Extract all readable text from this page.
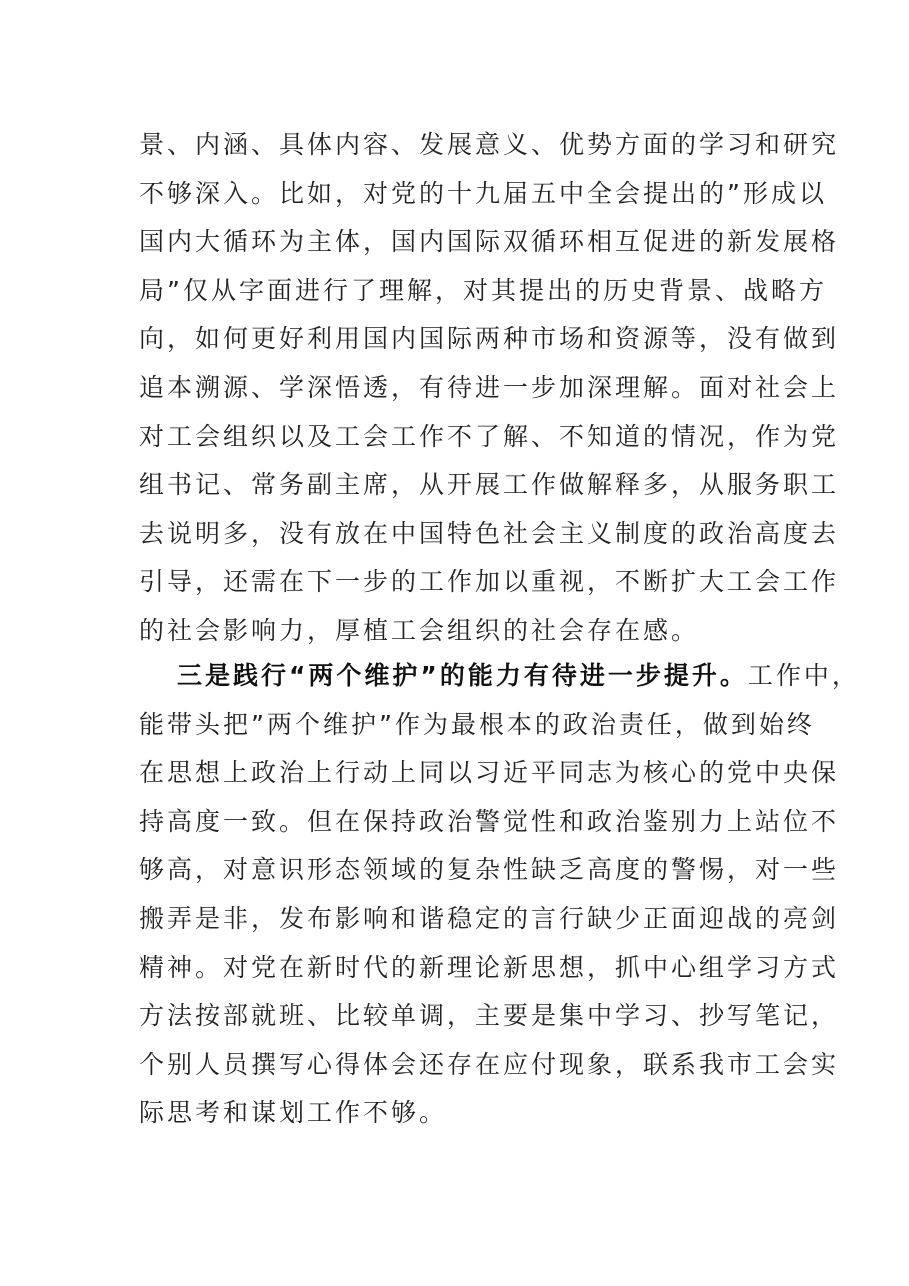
景、内涵、具体内容、发展意义、优势方面的学习和研究
不够深入。比如，对党的十九届五中全会提出的”形成以
国内大循环为主体，国内国际双循环相互促进的新发展格
局”仅从字面进行了理解，对其提出的历史背景、战略方
向，如何更好利用国内国际两种市场和资源等，没有做到
追本溯源、学深悟透，有待进一步加深理解。面对社会上
对工会组织以及工会工作不了解、不知道的情况，作为党
组书记、常务副主席，从开展工作做解释多，从服务职工
去说明多，没有放在中国特色社会主义制度的政治高度去
引导，还需在下一步的工作加以重视，不断扩大工会工作
的社会影响力，厚植工会组织的社会存在感。
三是践行“两个维护”的能力有待进一步提升。工作中，
能带头把”两个维护”作为最根本的政治责任，做到始终
在思想上政治上行动上同以习近平同志为核心的党中央保
持高度一致。但在保持政治警觉性和政治鉴别力上站位不
够高，对意识形态领域的复杂性缺乏高度的警惕，对一些
搬弄是非，发布影响和谐稳定的言行缺少正面迎战的亮剑
精神。对党在新时代的新理论新思想，抓中心组学习方式
方法按部就班、比较单调，主要是集中学习、抄写笔记，
个别人员撰写心得体会还存在应付现象，联系我市工会实
际思考和谋划工作不够。
